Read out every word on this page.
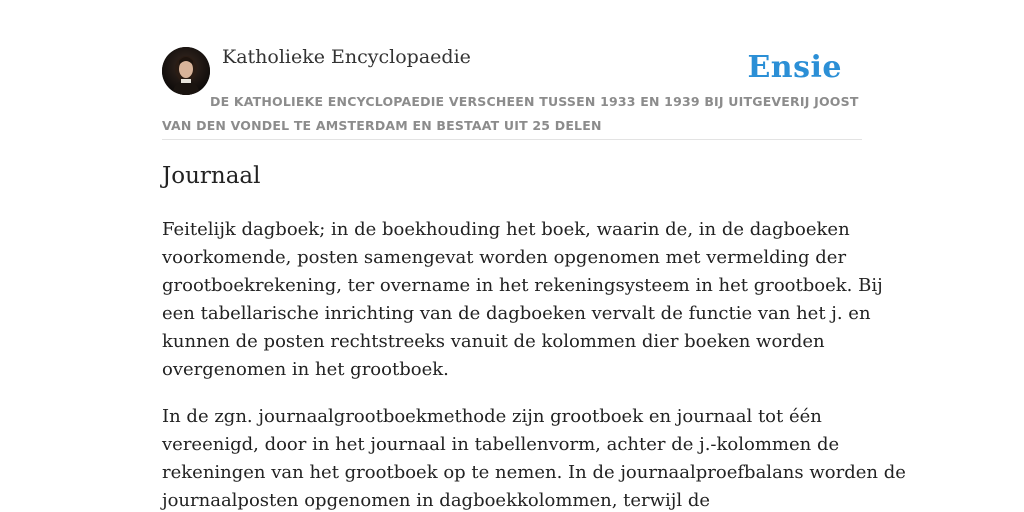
Katholieke Encyclopaedie	Ensie
DE KATHOLIEKE ENCYCLOPAEDIE VERSCHEEN TUSSEN 1933 EN 1939 BIJ UITGEVERIJ JOOST VAN DEN VONDEL TE AMSTERDAM EN BESTAAT UIT 25 DELEN
Journaal

Feitelijk dagboek; in de boekhouding het boek, waarin de, in de dagboeken
voorkomende, posten samengevat worden opgenomen met vermelding der
grootboekrekening, ter overname in het rekeningsysteem in het grootboek. Bij
een tabellarische inrichting van de dagboeken vervalt de functie van het j. en
kunnen de posten rechtstreeks vanuit de kolommen dier boeken worden
overgenomen in het grootboek.

In de zgn. journaalgrootboekmethode zijn grootboek en journaal tot één
vereenigd, door in het journaal in tabellenvorm, achter de j.-kolommen de
rekeningen van het grootboek op te nemen. In de journaalproefbalans worden de
journaalposten opgenomen in dagboekkolommen, terwijl de
